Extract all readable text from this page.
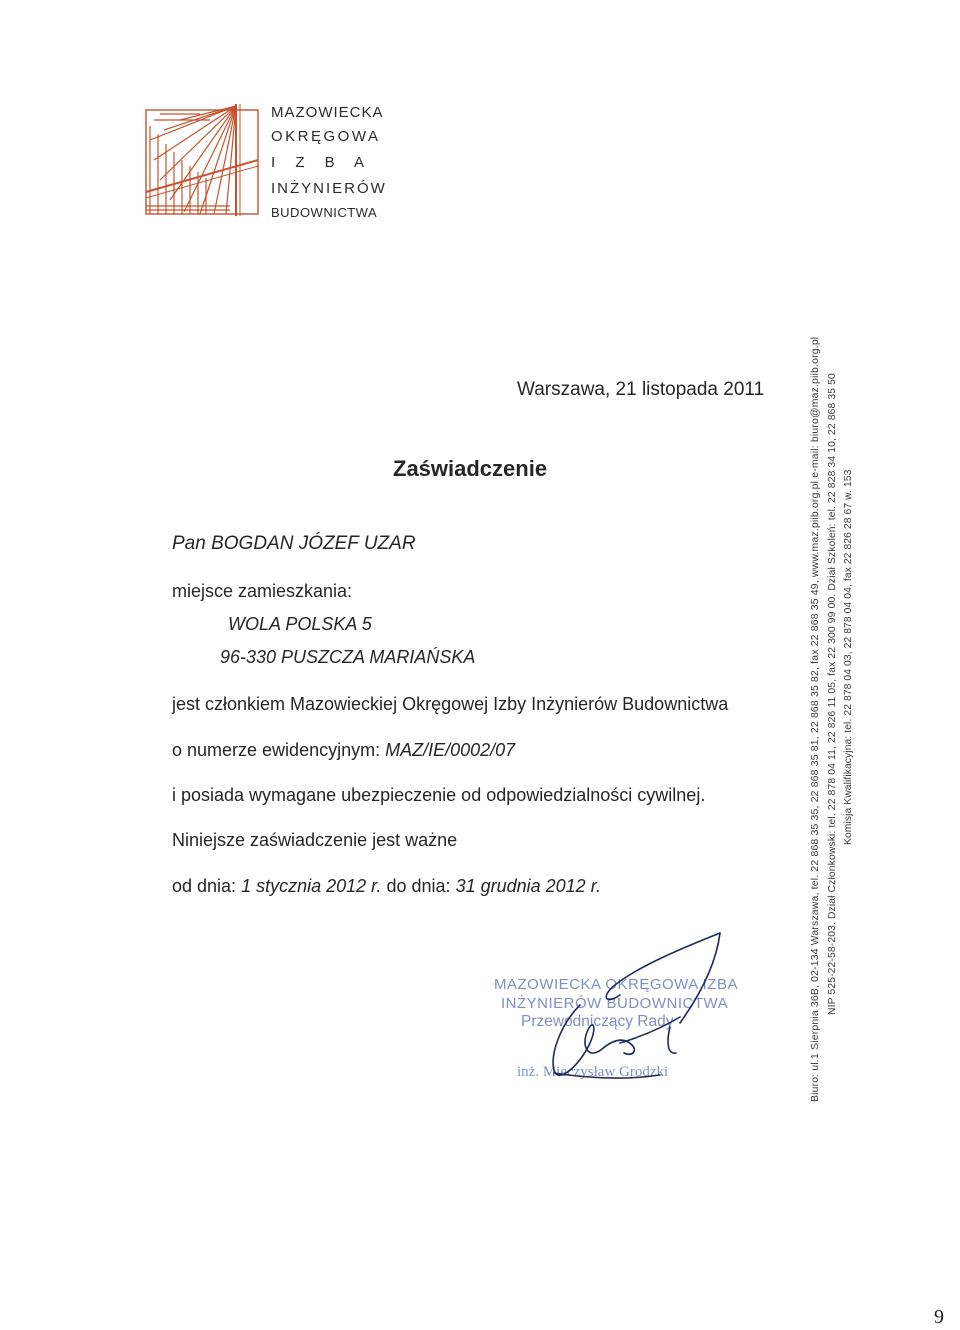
MAZOWIECKA
OKRĘGOWA
I Z B A
INŻYNIERÓW
BUDOWNICTWA
Warszawa, 21 listopada 2011
Zaświadczenie
Pan BOGDAN JÓZEF UZAR
miejsce zamieszkania:
WOLA POLSKA 5
96-330 PUSZCZA MARIAŃSKA
jest członkiem Mazowieckiej Okręgowej Izby Inżynierów Budownictwa
o numerze ewidencyjnym: MAZ/IE/0002/07
i posiada wymagane ubezpieczenie od odpowiedzialności cywilnej.
Niniejsze zaświadczenie jest ważne
od dnia: 1 stycznia 2012 r. do dnia: 31 grudnia 2012 r.
MAZOWIECKA OKRĘGOWA IZBA
INŻYNIERÓW BUDOWNICTWA
Przewodniczący Rady
inż. Mieczysław Grodzki	Biuro: ul.1 Sierpnia 36B, 02-134 Warszawa, tel. 22 868 35 35, 22 868 35 81, 22 868 35 82, fax 22 868 35 49, www.maz.piib.org.pl e-mail: biuro@maz.piib.org.pl NIP 525-22-58-203. Dział Członkowski: tel. 22 878 04 11, 22 826 11 05, fax 22 300 99 00. Dział Szkoleń: tel. 22 828 34 10, 22 868 35 50 Komisja Kwalifikacyjna: tel. 22 878 04 03, 22 878 04 04, fax 22 826 28 67 w. 153
9
